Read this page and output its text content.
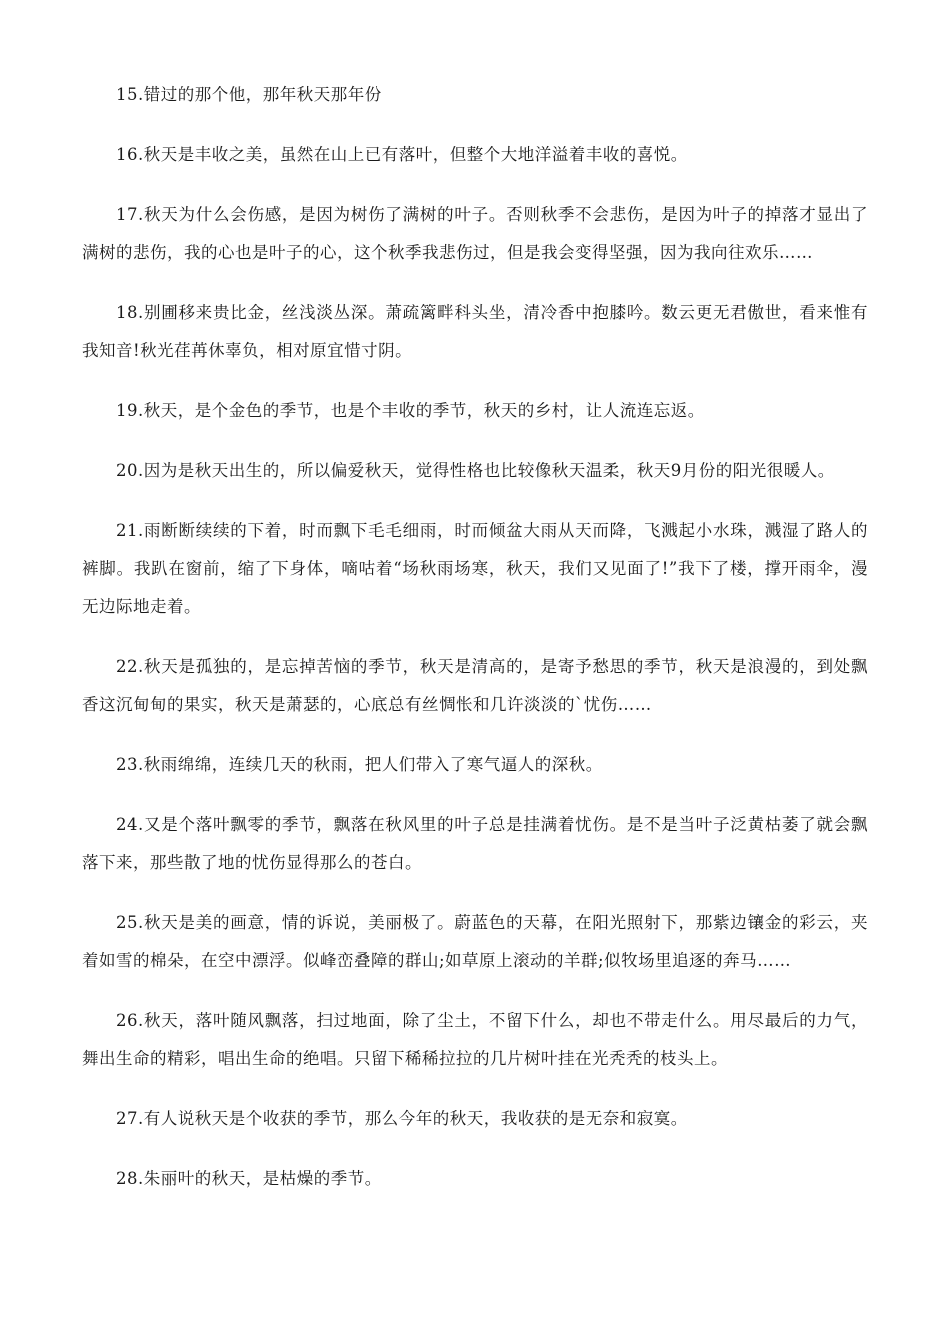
15.错过的那个他，那年秋天那年份

16.秋天是丰收之美，虽然在山上已有落叶，但整个大地洋溢着丰收的喜悦。

17.秋天为什么会伤感，是因为树伤了满树的叶子。否则秋季不会悲伤，是因为叶子的掉落才显出了满树的悲伤，我的心也是叶子的心，这个秋季我悲伤过，但是我会变得坚强，因为我向往欢乐……

18.别圃移来贵比金，丝浅淡丛深。萧疏篱畔科头坐，清冷香中抱膝吟。数云更无君傲世，看来惟有我知音!秋光荏苒休辜负，相对原宜惜寸阴。

19.秋天，是个金色的季节，也是个丰收的季节，秋天的乡村，让人流连忘返。

20.因为是秋天出生的，所以偏爱秋天，觉得性格也比较像秋天温柔，秋天9月份的阳光很暖人。

21.雨断断续续的下着，时而飘下毛毛细雨，时而倾盆大雨从天而降，飞溅起小水珠，溅湿了路人的裤脚。我趴在窗前，缩了下身体，嘀咕着“场秋雨场寒，秋天，我们又见面了!”我下了楼，撑开雨伞，漫无边际地走着。

22.秋天是孤独的，是忘掉苦恼的季节，秋天是清高的，是寄予愁思的季节，秋天是浪漫的，到处飘香这沉甸甸的果实，秋天是萧瑟的，心底总有丝惆怅和几许淡淡的`忧伤……

23.秋雨绵绵，连续几天的秋雨，把人们带入了寒气逼人的深秋。

24.又是个落叶飘零的季节，飘落在秋风里的叶子总是挂满着忧伤。是不是当叶子泛黄枯萎了就会飘落下来，那些散了地的忧伤显得那么的苍白。

25.秋天是美的画意，情的诉说，美丽极了。蔚蓝色的天幕，在阳光照射下，那紫边镶金的彩云，夹着如雪的棉朵，在空中漂浮。似峰峦叠障的群山;如草原上滚动的羊群;似牧场里追逐的奔马……

26.秋天，落叶随风飘落，扫过地面，除了尘土，不留下什么，却也不带走什么。用尽最后的力气，舞出生命的精彩，唱出生命的绝唱。只留下稀稀拉拉的几片树叶挂在光秃秃的枝头上。

27.有人说秋天是个收获的季节，那么今年的秋天，我收获的是无奈和寂寞。

28.朱丽叶的秋天，是枯燥的季节。
